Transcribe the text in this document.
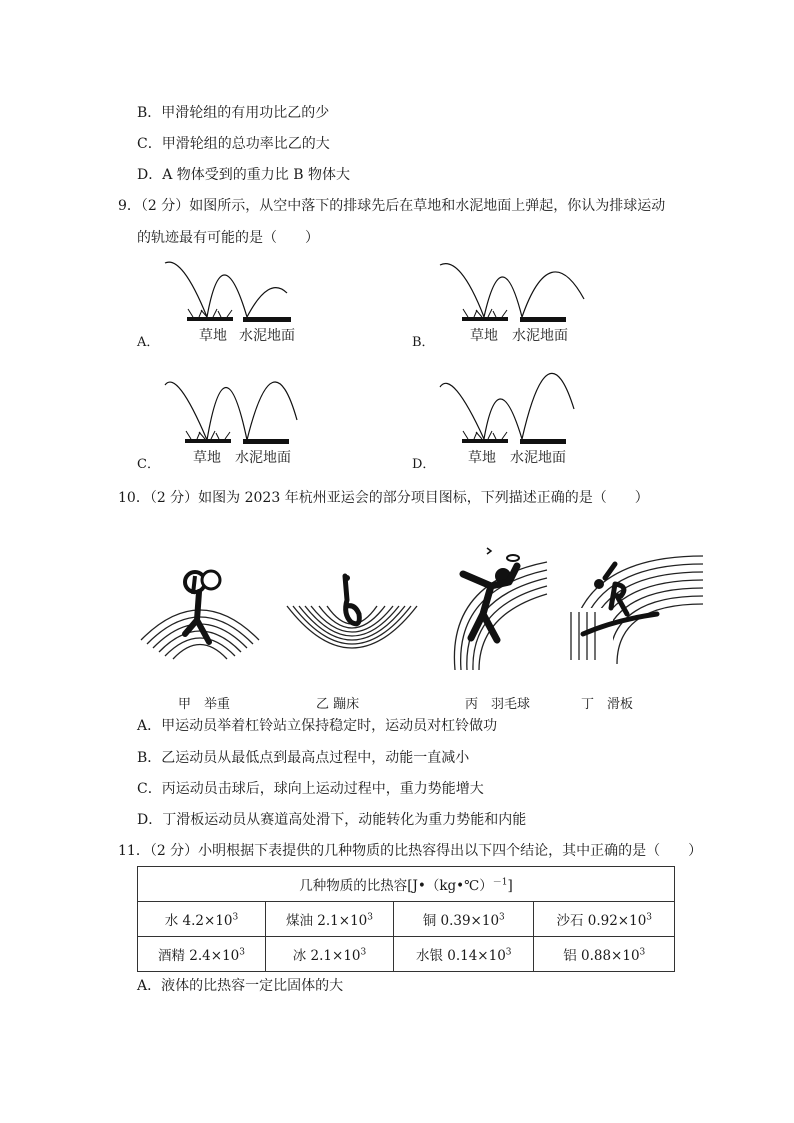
B．甲滑轮组的有用功比乙的少
C．甲滑轮组的总功率比乙的大
D．A 物体受到的重力比 B 物体大
9．（2 分）如图所示，从空中落下的排球先后在草地和水泥地面上弹起，你认为排球运动
的轨迹最有可能的是（　　）
A．	草地 水泥地面	B．	草地 水泥地面
C． 草地 水泥地面	D． 草地 水泥地面
10．（2 分）如图为 2023 年杭州亚运会的部分项目图标，下列描述正确的是（　　）
甲　举重	乙 蹦床	丙　羽毛球	丁　滑板
A．甲运动员举着杠铃站立保持稳定时，运动员对杠铃做功
B．乙运动员从最低点到最高点过程中，动能一直减小
C．丙运动员击球后，球向上运动过程中，重力势能增大
D．丁滑板运动员从赛道高处滑下，动能转化为重力势能和内能
11．（2 分）小明根据下表提供的几种物质的比热容得出以下四个结论，其中正确的是（　　）
几种物质的比热容[J•（kg•℃）$^{-1}$]			
水 $4.2\times 10^3$	煤油 $2.1\times 10^3$	铜 $0.39\times 10^3$	沙石 $0.92\times 10^3$
酒精 $2.4\times 10^3$	冰 $2.1\times 10^3$	水银 $0.14\times 10^3$	铝 $0.88\times 10^3$
A．液体的比热容一定比固体的大
